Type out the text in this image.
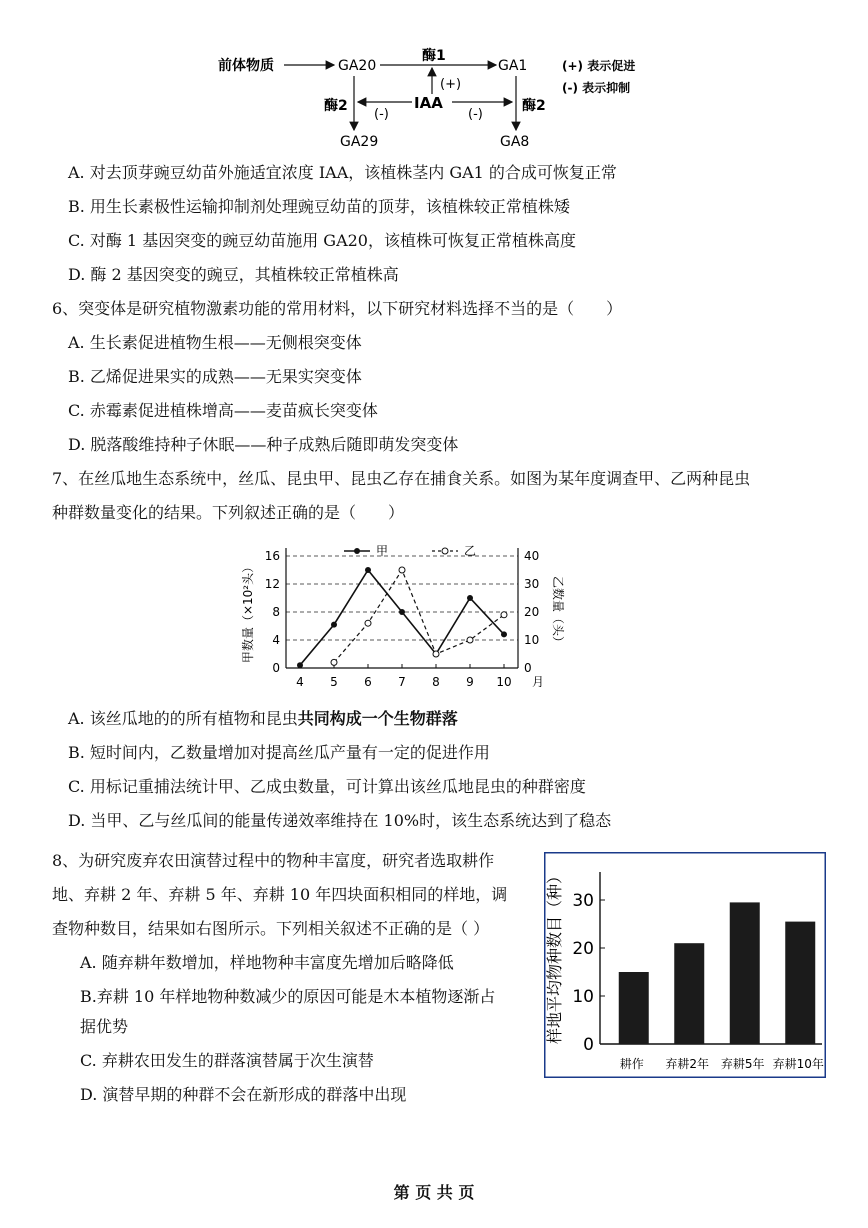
前体物质	GA20
酶1
GA1
(+)
IAA
(-)	(-)
酶2	酶2
GA29	GA8
(+) 表示促进
(-) 表示抑制
A. 对去顶芽豌豆幼苗外施适宜浓度 IAA，该植株茎内 GA1 的合成可恢复正常
B. 用生长素极性运输抑制剂处理豌豆幼苗的顶芽，该植株较正常植株矮
C. 对酶 1 基因突变的豌豆幼苗施用 GA20，该植株可恢复正常植株高度
D. 酶 2 基因突变的豌豆，其植株较正常植株高
6、突变体是研究植物激素功能的常用材料，以下研究材料选择不当的是（　　）
A. 生长素促进植物生根——无侧根突变体
B. 乙烯促进果实的成熟——无果实突变体
C. 赤霉素促进植株增高——麦苗疯长突变体
D. 脱落酸维持种子休眠——种子成熟后随即萌发突变体
7、在丝瓜地生态系统中，丝瓜、昆虫甲、昆虫乙存在捕食关系。如图为某年度调查甲、乙两种昆虫
种群数量变化的结果。下列叙述正确的是（　　）
0
4
8
12
16
0
10
20
30
40
4 5 6 7 8 9 10 月
甲数量（×10²头）	乙数量（头）
甲	乙
A. 该丝瓜地的的所有植物和昆虫共同构成一个生物群落
B. 短时间内，乙数量增加对提高丝瓜产量有一定的促进作用
C. 用标记重捕法统计甲、乙成虫数量，可计算出该丝瓜地昆虫的种群密度
D. 当甲、乙与丝瓜间的能量传递效率维持在 10%时，该生态系统达到了稳态
8、为研究废弃农田演替过程中的物种丰富度，研究者选取耕作
地、弃耕 2 年、弃耕 5 年、弃耕 10 年四块面积相同的样地，调
查物种数目，结果如右图所示。下列相关叙述不正确的是（ ）
A. 随弃耕年数增加，样地物种丰富度先增加后略降低
B.弃耕 10 年样地物种数减少的原因可能是木本植物逐渐占
据优势
C. 弃耕农田发生的群落演替属于次生演替
D. 演替早期的种群不会在新形成的群落中出现
0
10
20
30
样地平均物种数目（种）
耕作 弃耕2年 弃耕5年 弃耕10年
第 页 共 页
